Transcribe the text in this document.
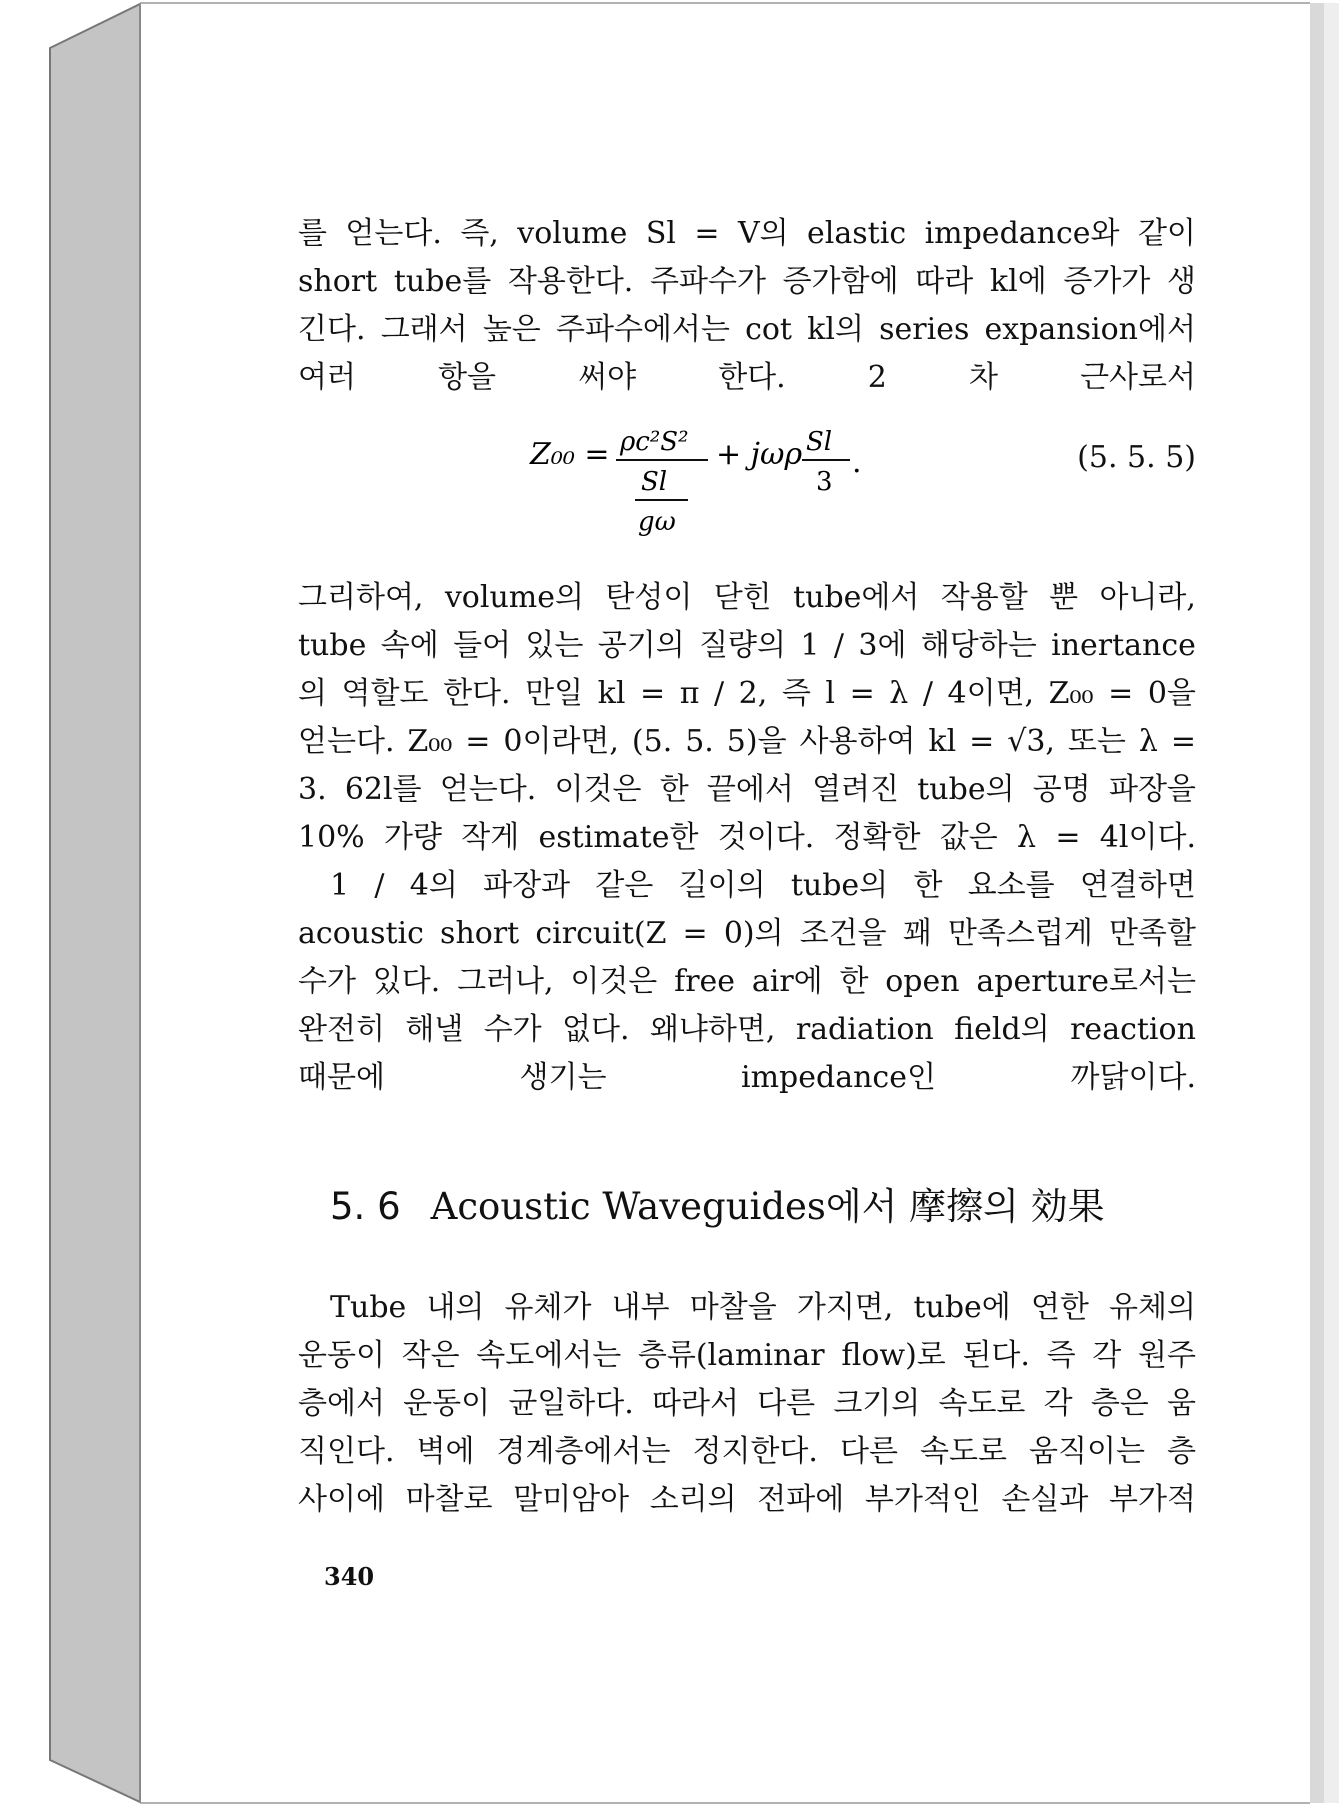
를 얻는다. 즉, volume Sl = V의 elastic impedance와 같이
short tube를 작용한다. 주파수가 증가함에 따라 kl에 증가가 생
긴다. 그래서 높은 주파수에서는 cot kl의 series expansion에서
여러 항을 써야 한다. 2 차 근사로서
Z₀₀ = ρc²S²
Sl
gω
+ jωρ Sl
3
.	(5. 5. 5)
그리하여, volume의 탄성이 닫힌 tube에서 작용할 뿐 아니라,
tube 속에 들어 있는 공기의 질량의 1 / 3에 해당하는 inertance
의 역할도 한다. 만일 kl = π / 2, 즉 l = λ / 4이면, Z₀₀ = 0을
얻는다. Z₀₀ = 0이라면, (5. 5. 5)을 사용하여 kl = √3, 또는 λ =
3. 62l를 얻는다. 이것은 한 끝에서 열려진 tube의 공명 파장을
10% 가량 작게 estimate한 것이다. 정확한 값은 λ = 4l이다.
1 / 4의 파장과 같은 길이의 tube의 한 요소를 연결하면
acoustic short circuit(Z = 0)의 조건을 꽤 만족스럽게 만족할
수가 있다. 그러나, 이것은 free air에 한 open aperture로서는
완전히 해낼 수가 없다. 왜냐하면, radiation field의 reaction
때문에 생기는 impedance인 까닭이다.
5. 6 Acoustic Waveguides에서 摩擦의 効果
Tube 내의 유체가 내부 마찰을 가지면, tube에 연한 유체의
운동이 작은 속도에서는 층류(laminar flow)로 된다. 즉 각 원주
층에서 운동이 균일하다. 따라서 다른 크기의 속도로 각 층은 움
직인다. 벽에 경계층에서는 정지한다. 다른 속도로 움직이는 층
사이에 마찰로 말미암아 소리의 전파에 부가적인 손실과 부가적
340
